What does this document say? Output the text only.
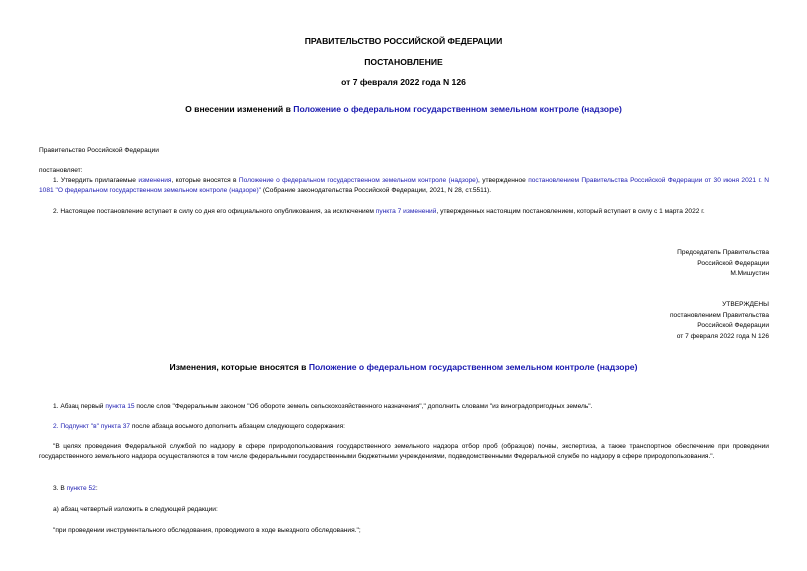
ПРАВИТЕЛЬСТВО РОССИЙСКОЙ ФЕДЕРАЦИИ
ПОСТАНОВЛЕНИЕ
от 7 февраля 2022 года N 126
О внесении изменений в Положение о федеральном государственном земельном контроле (надзоре)
Правительство Российской Федерации
постановляет:
1. Утвердить прилагаемые изменения, которые вносятся в Положение о федеральном государственном земельном контроле (надзоре), утвержденное постановлением Правительства Российской Федерации от 30 июня 2021 г. N 1081 "О федеральном государственном земельном контроле (надзоре)" (Собрание законодательства Российской Федерации, 2021, N 28, ст.5511).
2. Настоящее постановление вступает в силу со дня его официального опубликования, за исключением пункта 7 изменений, утвержденных настоящим постановлением, который вступает в силу с 1 марта 2022 г.
Председатель Правительства
Российской Федерации
М.Мишустин
УТВЕРЖДЕНЫ
постановлением Правительства
Российской Федерации
от 7 февраля 2022 года N 126
Изменения, которые вносятся в Положение о федеральном государственном земельном контроле (надзоре)
1. Абзац первый пункта 15 после слов "Федеральным законом "Об обороте земель сельскохозяйственного назначения"," дополнить словами "из виноградопригодных земель".
2. Подпункт "в" пункта 37 после абзаца восьмого дополнить абзацем следующего содержания:
"В целях проведения Федеральной службой по надзору в сфере природопользования государственного земельного надзора отбор проб (образцов) почвы, экспертиза, а также транспортное обеспечение при проведении государственного земельного надзора осуществляются в том числе федеральными государственными бюджетными учреждениями, подведомственными Федеральной службе по надзору в сфере природопользования.".
3. В пункте 52:
а) абзац четвертый изложить в следующей редакции:
"при проведении инструментального обследования, проводимого в ходе выездного обследования.";
